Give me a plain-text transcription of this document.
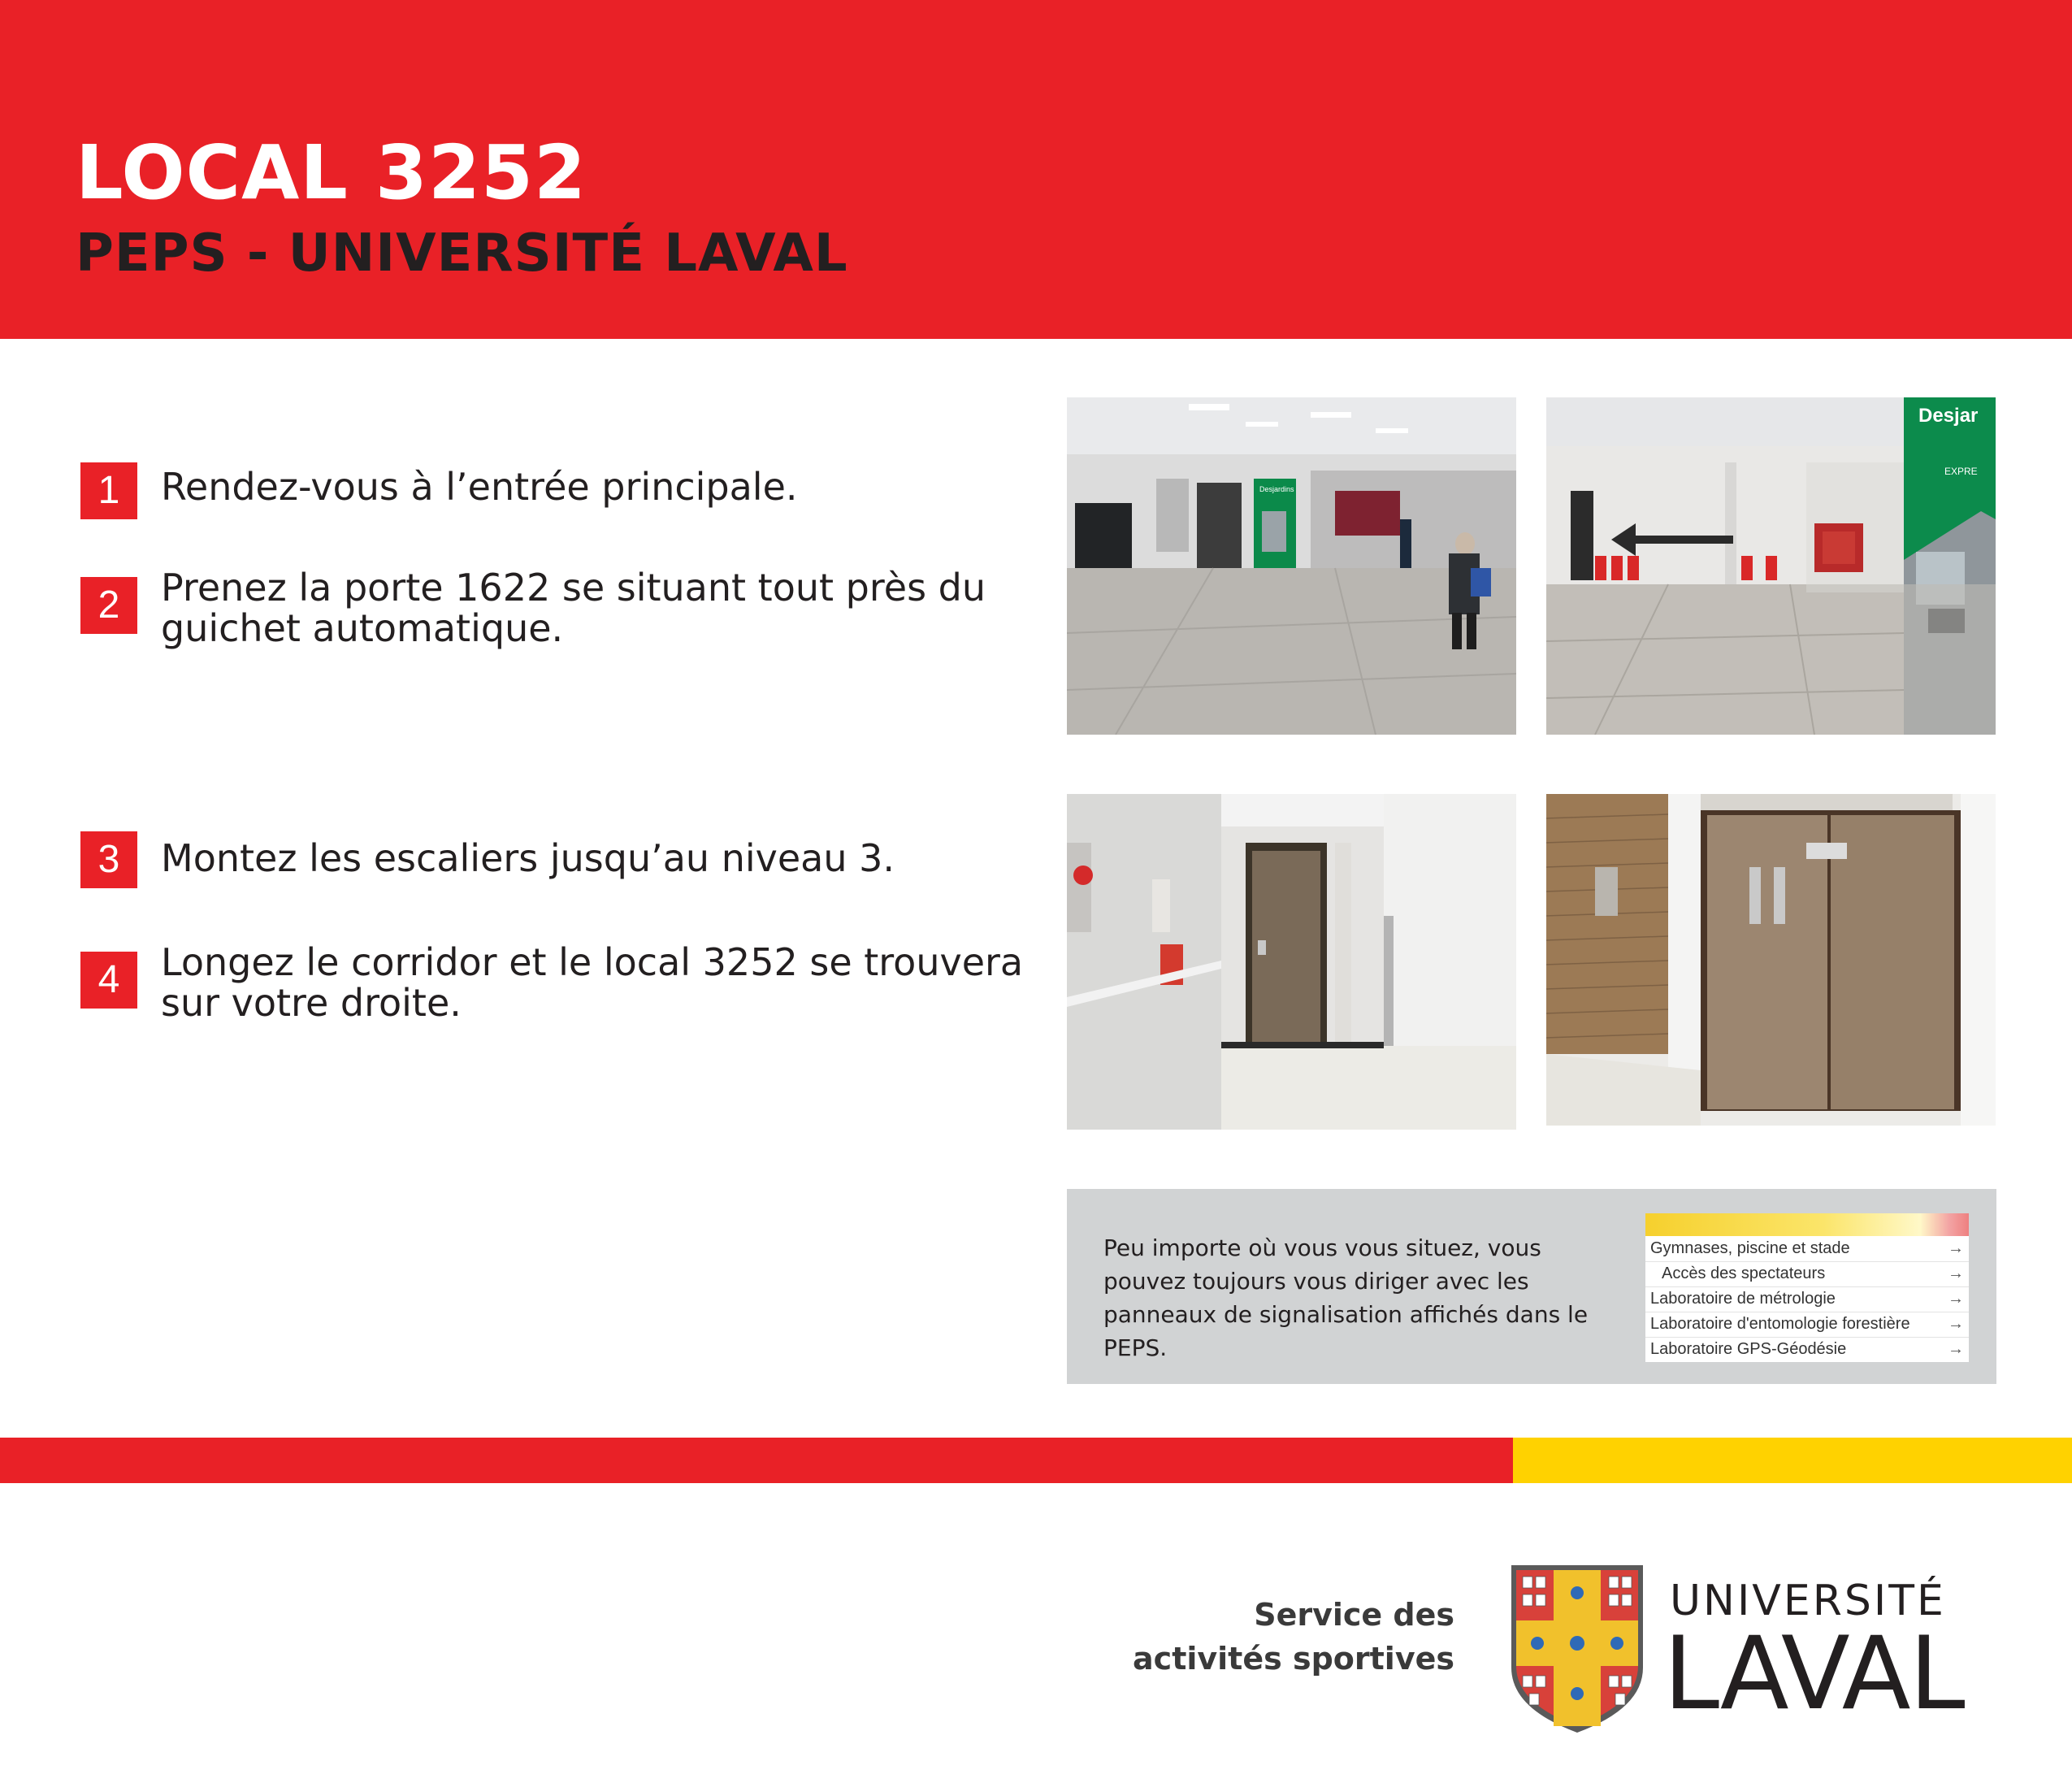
LOCAL 3252
PEPS - UNIVERSITÉ LAVAL
1	Rendez-vous à l’entrée principale.
2	Prenez la porte 1622 se situant tout près du guichet automatique.
3	Montez les escaliers jusqu’au niveau 3.
4	Longez le corridor et le local 3252 se trouvera sur votre droite.
Desjardins
Desjar
EXPRE
Peu importe où vous vous situez, vous pouvez toujours vous diriger avec les panneaux de signalisation affichés dans le PEPS.
Gymnases, piscine et stade	→
Accès des spectateurs	→
Laboratoire de métrologie	→
Laboratoire d'entomologie forestière →
Laboratoire GPS-Géodésie	→
Service des
activités sportives
UNIVERSITÉ
LAVAL
